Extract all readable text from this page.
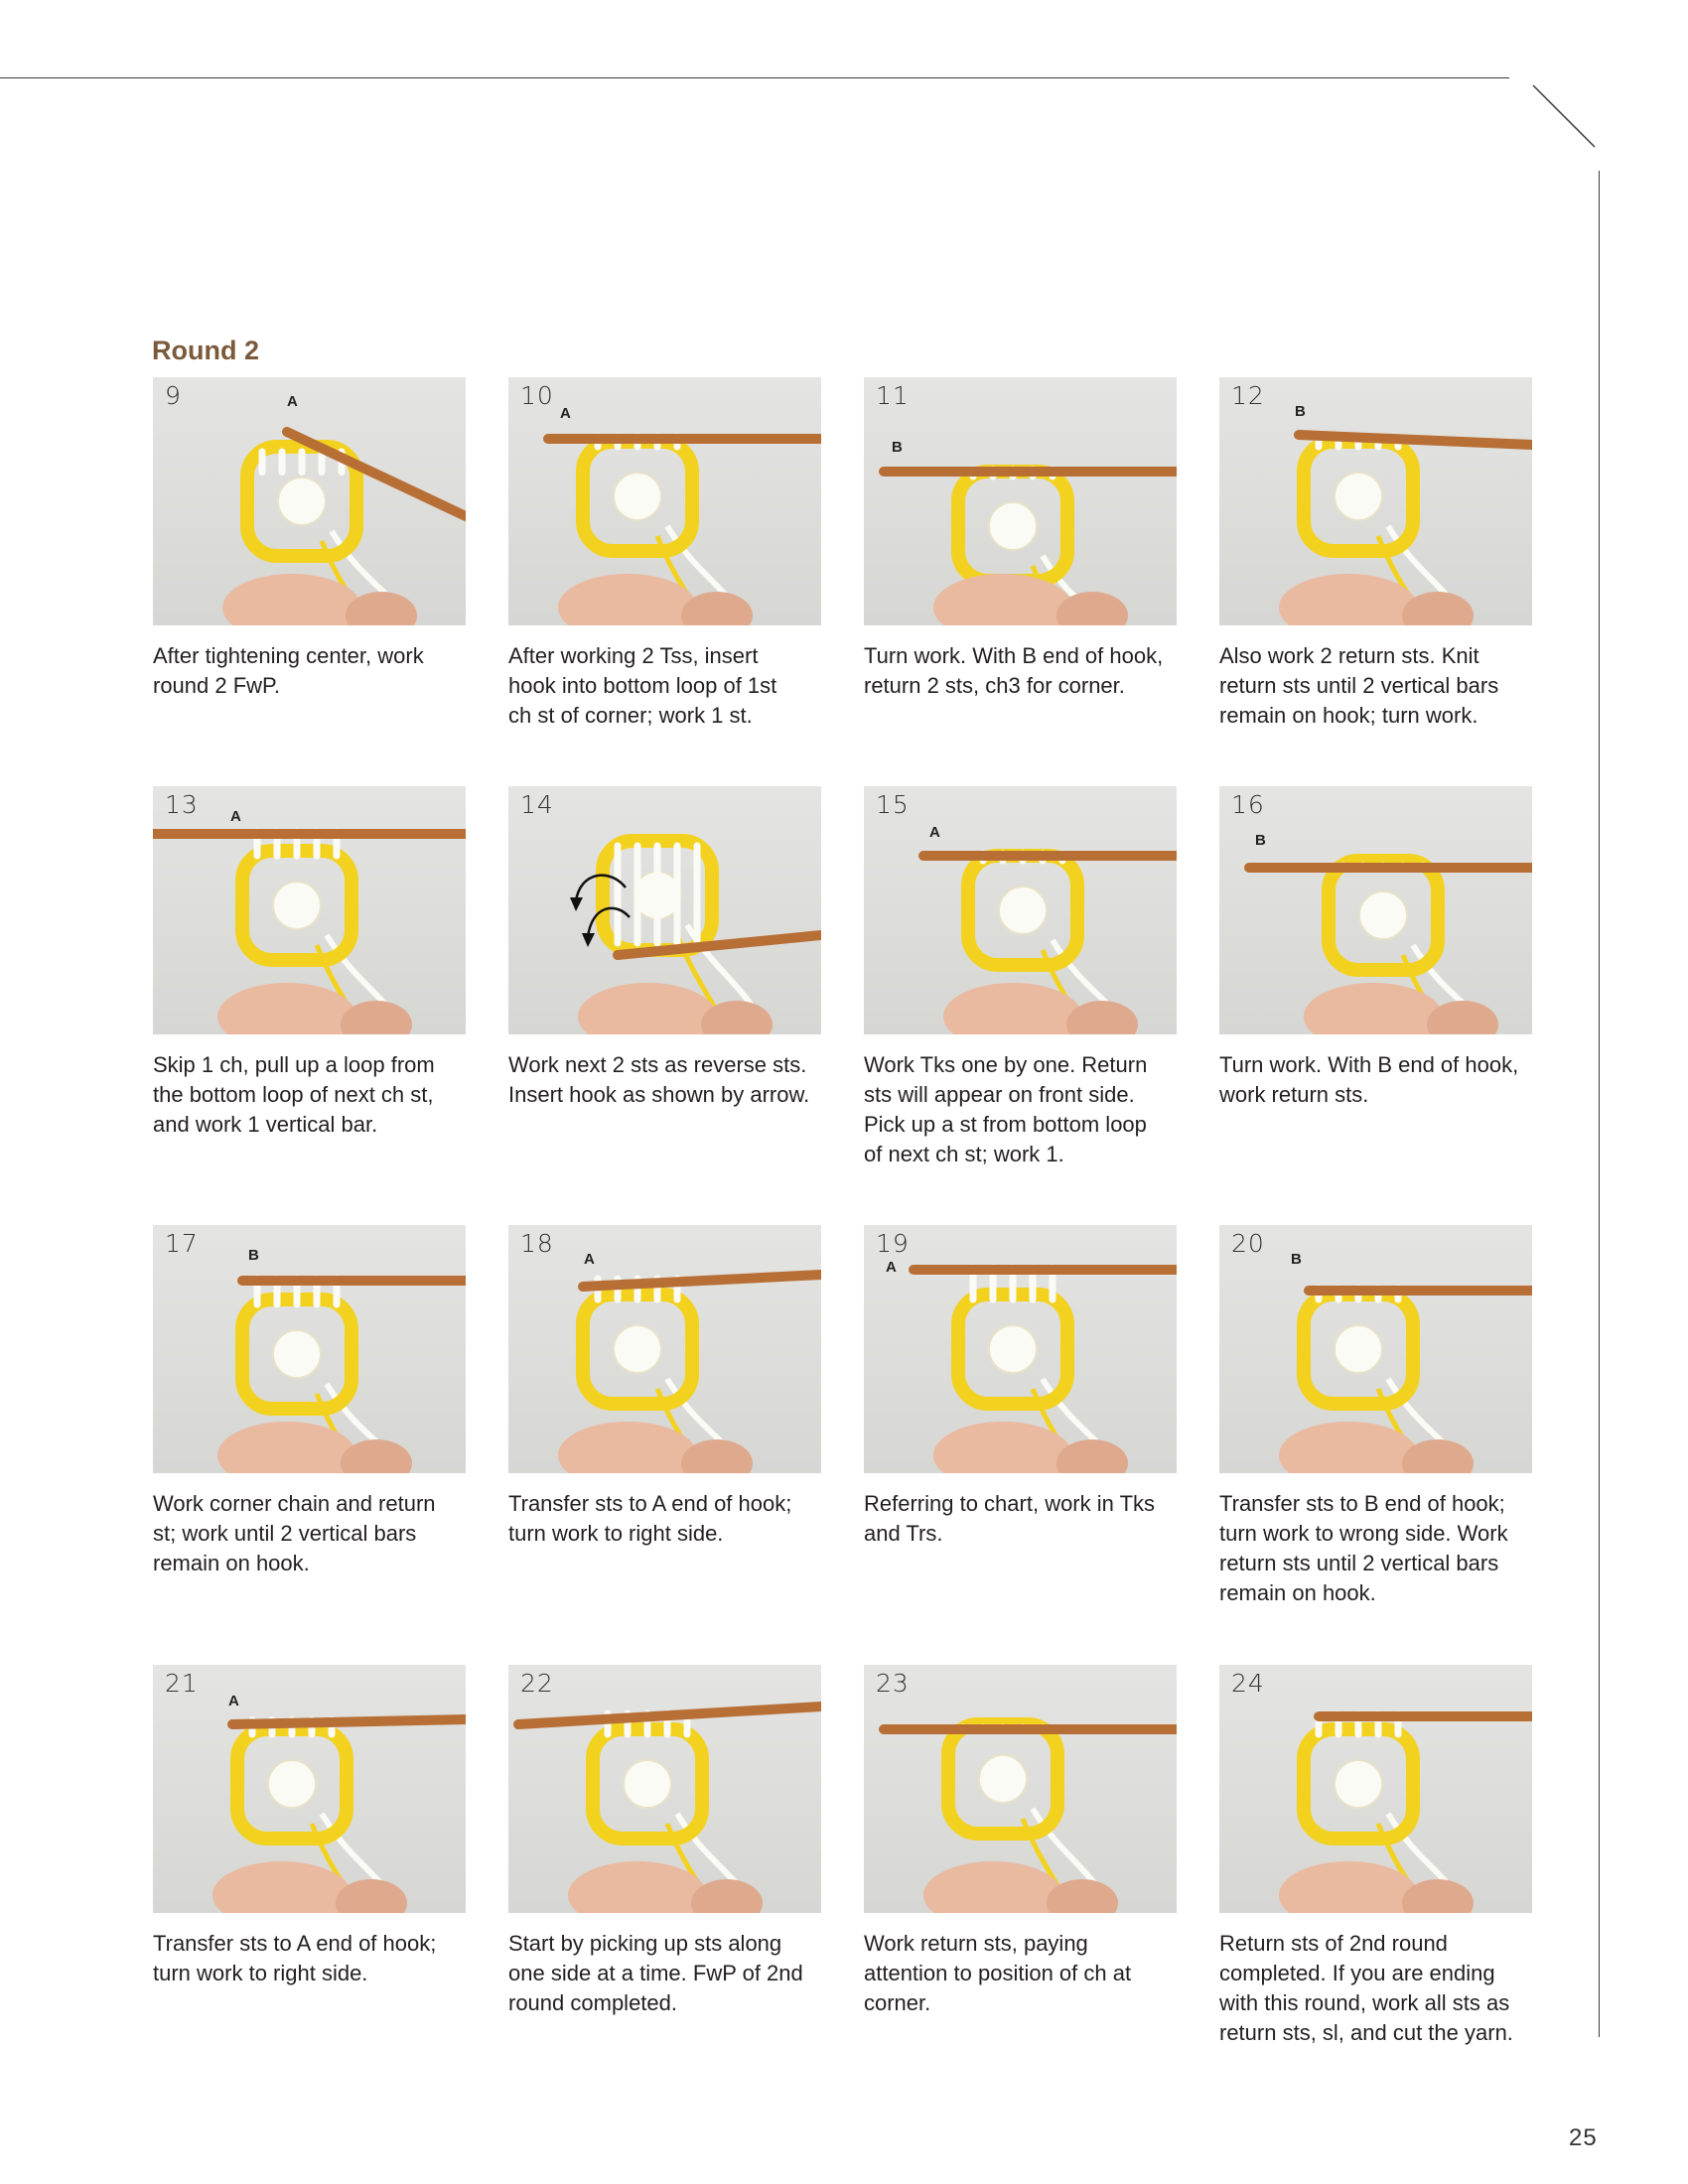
Round 2
9	A
After tightening center, work
round 2 FwP.
10
A
After working 2 Tss, insert
hook into bottom loop of 1st
ch st of corner; work 1 st.
11
B
Turn work. With B end of hook,
return 2 sts, ch3 for corner.
12
B
Also work 2 return sts. Knit
return sts until 2 vertical bars
remain on hook; turn work.
13 A
Skip 1 ch, pull up a loop from
the bottom loop of next ch st,
and work 1 vertical bar.
14
Work next 2 sts as reverse sts.
Insert hook as shown by arrow.
15
A
Work Tks one by one. Return
sts will appear on front side.
Pick up a st from bottom loop
of next ch st; work 1.
16
B
Turn work. With B end of hook,
work return sts.
17	B
Work corner chain and return
st; work until 2 vertical bars
remain on hook.
18
A
Transfer sts to A end of hook;
turn work to right side.
19
A
Referring to chart, work in Tks
and Trs.
20
B
Transfer sts to B end of hook;
turn work to wrong side. Work
return sts until 2 vertical bars
remain on hook.
21
A
Transfer sts to A end of hook;
turn work to right side.
22
Start by picking up sts along
one side at a time. FwP of 2nd
round completed.
23
Work return sts, paying
attention to position of ch at
corner.
24
Return sts of 2nd round
completed. If you are ending
with this round, work all sts as
return sts, sl, and cut the yarn.
25
